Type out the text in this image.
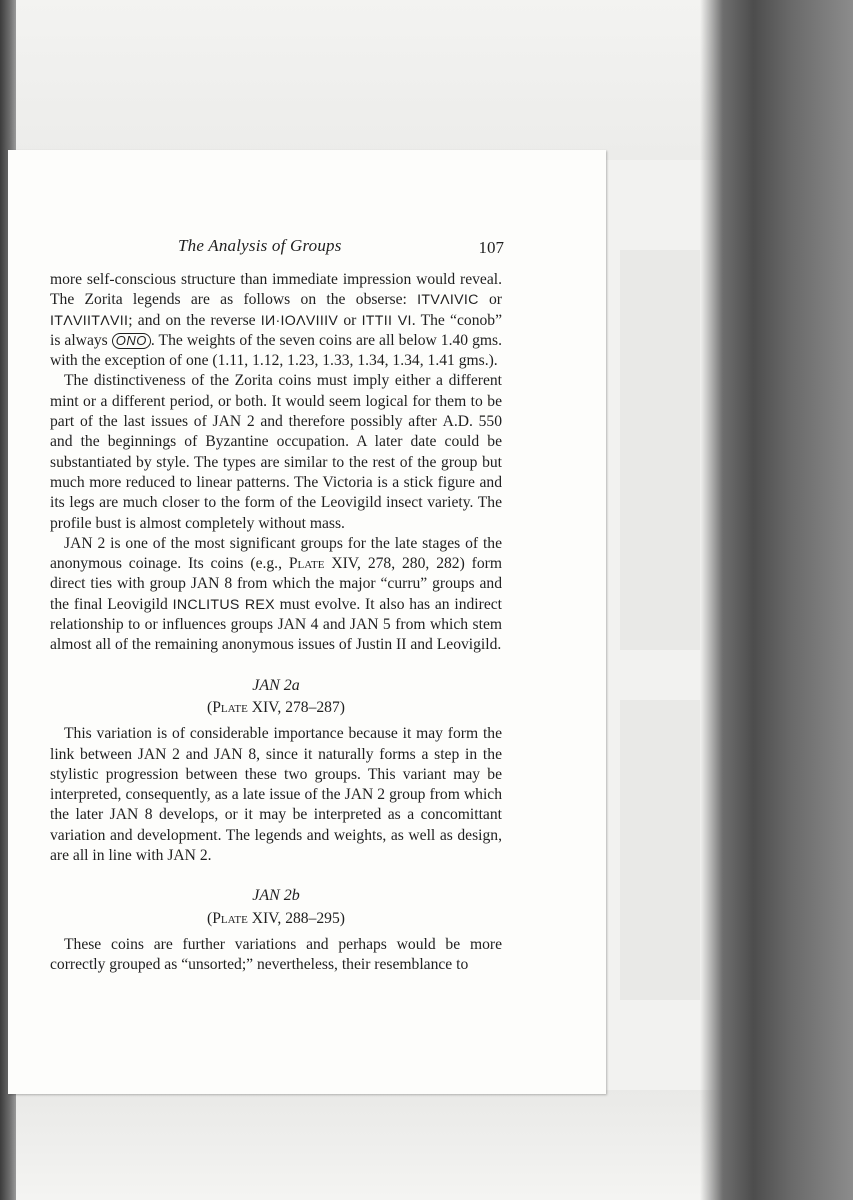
The Analysis of Groups	107

more self-conscious structure than immediate impression would reveal. The Zorita legends are as follows on the obserse: ITVΛIVIC or ITΛVIITΛVII; and on the reverse IИ·IOΛVIIIV or ITTII VI. The “conob” is always ONO . The weights of the seven coins are all below 1.40 gms. with the exception of one (1.11, 1.12, 1.23, 1.33, 1.34, 1.34, 1.41 gms.).

The distinctiveness of the Zorita coins must imply either a different mint or a different period, or both. It would seem logical for them to be part of the last issues of JAN 2 and therefore possibly after A.D. 550 and the beginnings of Byzantine occupation. A later date could be substantiated by style. The types are similar to the rest of the group but much more reduced to linear patterns. The Victoria is a stick figure and its legs are much closer to the form of the Leovigild insect variety. The profile bust is almost completely without mass.

JAN 2 is one of the most significant groups for the late stages of the anonymous coinage. Its coins (e.g., Plate XIV, 278, 280, 282) form direct ties with group JAN 8 from which the major “curru” groups and the final Leovigild INCLITUS REX must evolve. It also has an indirect relationship to or influences groups JAN 4 and JAN 5 from which stem almost all of the remaining anonymous issues of Justin II and Leovigild.

JAN 2a
(Plate XIV, 278–287)

This variation is of considerable importance because it may form the link between JAN 2 and JAN 8, since it naturally forms a step in the stylistic progression between these two groups. This variant may be interpreted, consequently, as a late issue of the JAN 2 group from which the later JAN 8 develops, or it may be interpreted as a concomittant variation and development. The legends and weights, as well as design, are all in line with JAN 2.

JAN 2b
(Plate XIV, 288–295)

These coins are further variations and perhaps would be more correctly grouped as “unsorted;” nevertheless, their resemblance to
